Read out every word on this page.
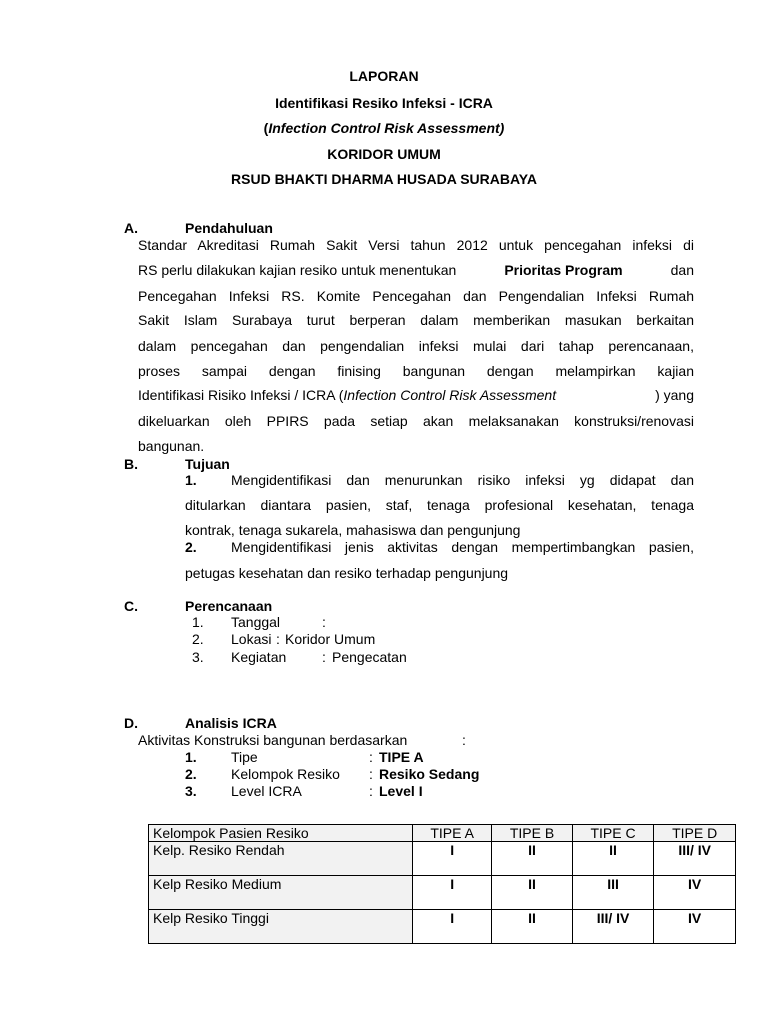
LAPORAN
Identifikasi Resiko Infeksi - ICRA
(Infection Control Risk Assessment)
KORIDOR UMUM
RSUD BHAKTI DHARMA HUSADA SURABAYA
A.	Pendahuluan
Standar Akreditasi Rumah Sakit Versi tahun 2012 untuk pencegahan infeksi di
RS perlu dilakukan kajian resiko untuk menentukan	Prioritas Program	dan
Pencegahan Infeksi RS. Komite Pencegahan dan Pengendalian Infeksi Rumah
Sakit Islam Surabaya turut berperan dalam memberikan masukan berkaitan
dalam pencegahan dan pengendalian infeksi mulai dari tahap perencanaan,
proses sampai dengan finising bangunan dengan melampirkan kajian
Identifikasi Risiko Infeksi / ICRA (Infection Control Risk Assessment	) yang
dikeluarkan oleh PPIRS pada setiap akan melaksanakan konstruksi/renovasi
bangunan.
B.	Tujuan
1. Mengidentifikasi dan menurunkan risiko infeksi yg didapat dan
ditularkan diantara pasien, staf, tenaga profesional kesehatan, tenaga
kontrak, tenaga sukarela, mahasiswa dan pengunjung
2. Mengidentifikasi jenis aktivitas dengan mempertimbangkan pasien,
petugas kesehatan dan resiko terhadap pengunjung
C.	Perencanaan
1. Tanggal	:
2. Lokasi : Koridor Umum
3. Kegiatan	: Pengecatan
D.	Analisis ICRA
Aktivitas Konstruksi bangunan berdasarkan	:
1. Tipe	: TIPE A
2. Kelompok Resiko : Resiko Sedang
3. Level ICRA	: Level I
Kelompok Pasien Resiko	TIPE A	TIPE B	TIPE C	TIPE D
Kelp. Resiko Rendah	I	II	II	III/ IV
Kelp Resiko Medium	I	II	III	IV
Kelp Resiko Tinggi	I	II	III/ IV	IV
